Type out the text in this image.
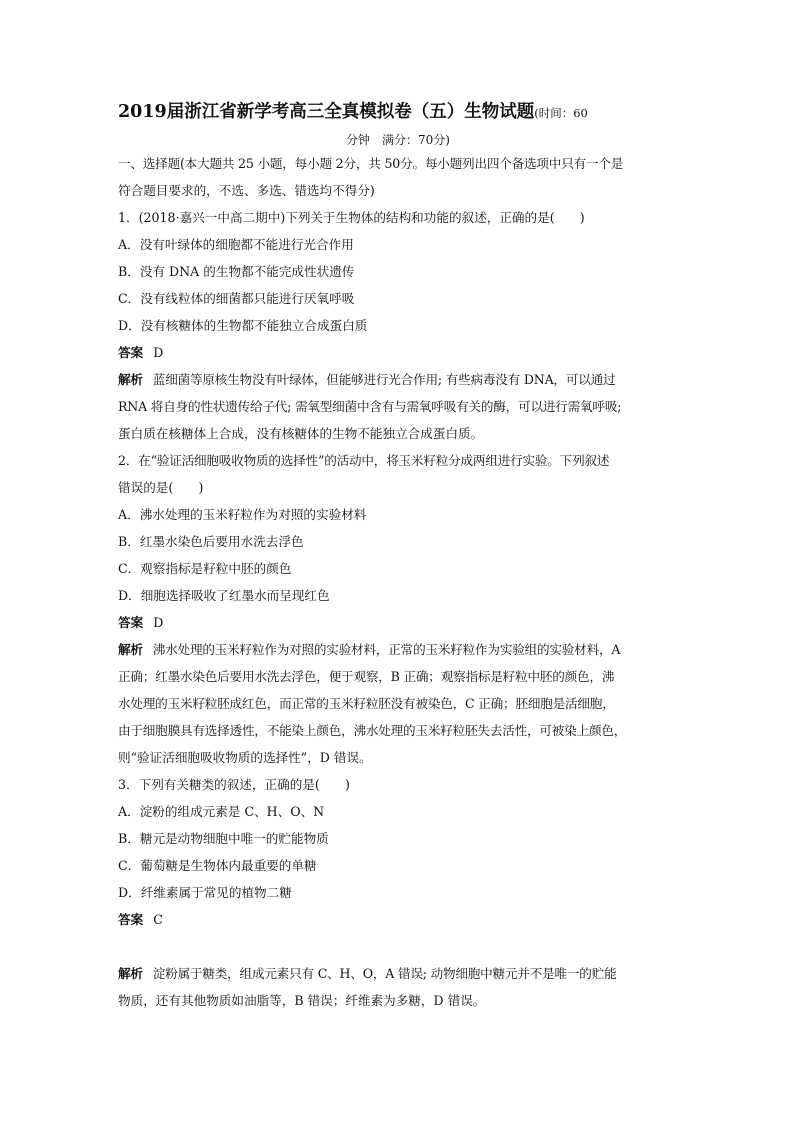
2019届浙江省新学考高三全真模拟卷（五）生物试题(时间：60
分钟　满分：70分)
一、选择题(本大题共 25 小题，每小题 2分，共 50分。每小题列出四个备选项中只有一个是
符合题目要求的，不选、多选、错选均不得分)
1．(2018·嘉兴一中高二期中)下列关于生物体的结构和功能的叙述，正确的是(　　)
A．没有叶绿体的细胞都不能进行光合作用
B．没有 DNA 的生物都不能完成性状遗传
C．没有线粒体的细菌都只能进行厌氧呼吸
D．没有核糖体的生物都不能独立合成蛋白质
答案 D
解析 蓝细菌等原核生物没有叶绿体，但能够进行光合作用; 有些病毒没有 DNA，可以通过
RNA 将自身的性状遗传给子代; 需氧型细菌中含有与需氧呼吸有关的酶，可以进行需氧呼吸;
蛋白质在核糖体上合成，没有核糖体的生物不能独立合成蛋白质。
2．在“验证活细胞吸收物质的选择性”的活动中，将玉米籽粒分成两组进行实验。下列叙述
错误的是(　　)
A．沸水处理的玉米籽粒作为对照的实验材料
B．红墨水染色后要用水洗去浮色
C．观察指标是籽粒中胚的颜色
D．细胞选择吸收了红墨水而呈现红色
答案 D
解析 沸水处理的玉米籽粒作为对照的实验材料，正常的玉米籽粒作为实验组的实验材料，A
正确；红墨水染色后要用水洗去浮色，便于观察，B 正确；观察指标是籽粒中胚的颜色，沸
水处理的玉米籽粒胚成红色，而正常的玉米籽粒胚没有被染色，C 正确；胚细胞是活细胞，
由于细胞膜具有选择透性，不能染上颜色，沸水处理的玉米籽粒胚失去活性，可被染上颜色，
则“验证活细胞吸收物质的选择性”，D 错误。
3．下列有关糖类的叙述，正确的是(　　)
A．淀粉的组成元素是 C、H、O、N
B．糖元是动物细胞中唯一的贮能物质
C．葡萄糖是生物体内最重要的单糖
D．纤维素属于常见的植物二糖
答案 C
解析 淀粉属于糖类，组成元素只有 C、H、O，A 错误; 动物细胞中糖元并不是唯一的贮能
物质，还有其他物质如油脂等，B 错误；纤维素为多糖，D 错误。
